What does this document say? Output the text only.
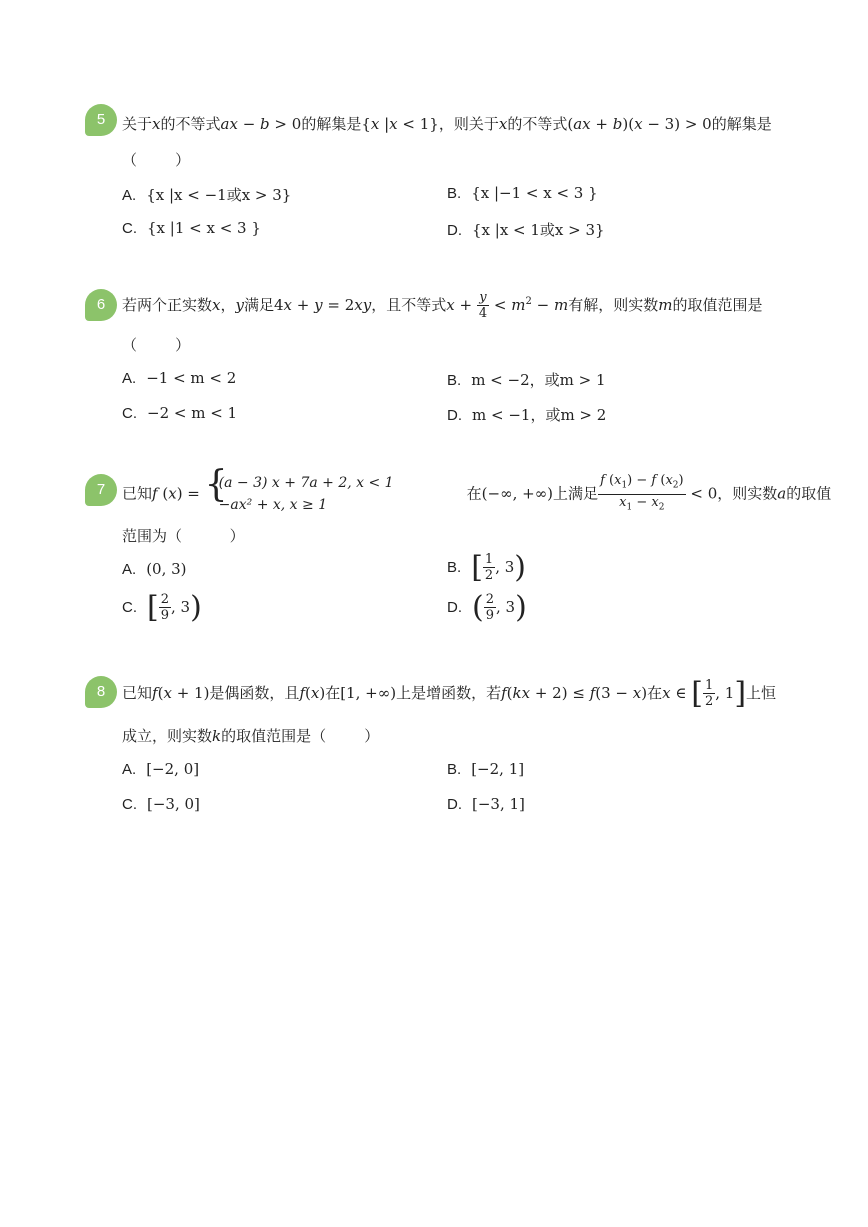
5	关于x的不等式ax − b > 0的解集是{x |x < 1}，则关于x的不等式(ax + b)(x − 3) > 0的解集是
（        ）
A. {x |x < −1或x > 3}	B. {x |−1 < x < 3 }
C. {x |1 < x < 3 }	D. {x |x < 1或x > 3}
6	若两个正实数x，y满足4x + y = 2xy，且不等式$x + \frac{y}{4} < m^2 - m$有解，则实数m的取值范围是
（        ）
A. −1 < m < 2	B. m < −2，或m > 1
C. −2 < m < 1	D. m < −1，或m > 2
7	已知f (x) = {
(a − 3) x + 7a + 2, x < 1
−ax² + x, x ≥ 1
在(−∞, +∞)上满足 $\frac{f (x_1) - f (x_2)}{x_1 - x_2} < 0$，则实数a的取值
范围为（          ）
A. (0, 3)	B. [ $\frac{1}{2}$ , 3)
C. [ $\frac{2}{9}$ , 3)	D. ( $\frac{2}{9}$ , 3)
8	已知f(x + 1)是偶函数，且f(x)在[1, +∞)上是增函数，若f(kx + 2) ≤ f(3 − x)在x ∈ [ $\frac{1}{2}$ , 1]上恒
成立，则实数k的取值范围是（        ）
A. [−2, 0]	B. [−2, 1]
C. [−3, 0]	D. [−3, 1]
